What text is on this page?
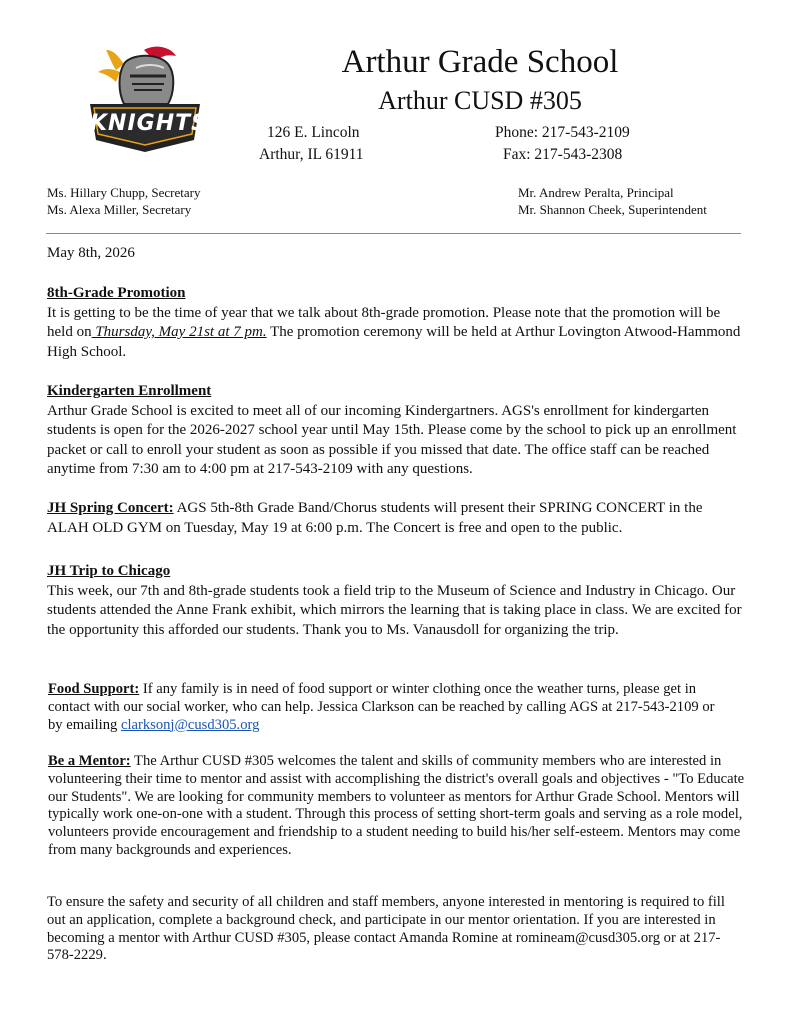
KNIGHTS
Arthur Grade School
Arthur CUSD #305
126 E. Lincoln
Arthur, IL 61911
Phone: 217-543-2109
Fax: 217-543-2308
Ms. Hillary Chupp, Secretary
Ms. Alexa Miller, Secretary
Mr. Andrew Peralta, Principal
Mr. Shannon Cheek, Superintendent
May 8th, 2026
8th-Grade Promotion
It is getting to be the time of year that we talk about 8th-grade promotion. Please note that the promotion will be held on Thursday, May 21st at 7 pm. The promotion ceremony will be held at Arthur Lovington Atwood-Hammond High School.
Kindergarten Enrollment
Arthur Grade School is excited to meet all of our incoming Kindergartners. AGS's enrollment for kindergarten students is open for the 2026-2027 school year until May 15th. Please come by the school to pick up an enrollment packet or call to enroll your student as soon as possible if you missed that date. The office staff can be reached anytime from 7:30 am to 4:00 pm at 217-543-2109 with any questions.
JH Spring Concert: AGS 5th-8th Grade Band/Chorus students will present their SPRING CONCERT in the ALAH OLD GYM on Tuesday, May 19 at 6:00 p.m. The Concert is free and open to the public.
JH Trip to Chicago
This week, our 7th and 8th-grade students took a field trip to the Museum of Science and Industry in Chicago. Our students attended the Anne Frank exhibit, which mirrors the learning that is taking place in class. We are excited for the opportunity this afforded our students. Thank you to Ms. Vanausdoll for organizing the trip.
Food Support: If any family is in need of food support or winter clothing once the weather turns, please get in contact with our social worker, who can help. Jessica Clarkson can be reached by calling AGS at 217-543-2109 or by emailing clarksonj@cusd305.org
Be a Mentor: The Arthur CUSD #305 welcomes the talent and skills of community members who are interested in volunteering their time to mentor and assist with accomplishing the district's overall goals and objectives - "To Educate our Students". We are looking for community members to volunteer as mentors for Arthur Grade School. Mentors will typically work one-on-one with a student. Through this process of setting short-term goals and serving as a role model, volunteers provide encouragement and friendship to a student needing to build his/her self-esteem. Mentors may come from many backgrounds and experiences.
To ensure the safety and security of all children and staff members, anyone interested in mentoring is required to fill out an application, complete a background check, and participate in our mentor orientation. If you are interested in becoming a mentor with Arthur CUSD #305, please contact Amanda Romine at romineam@cusd305.org or at 217-578-2229.
